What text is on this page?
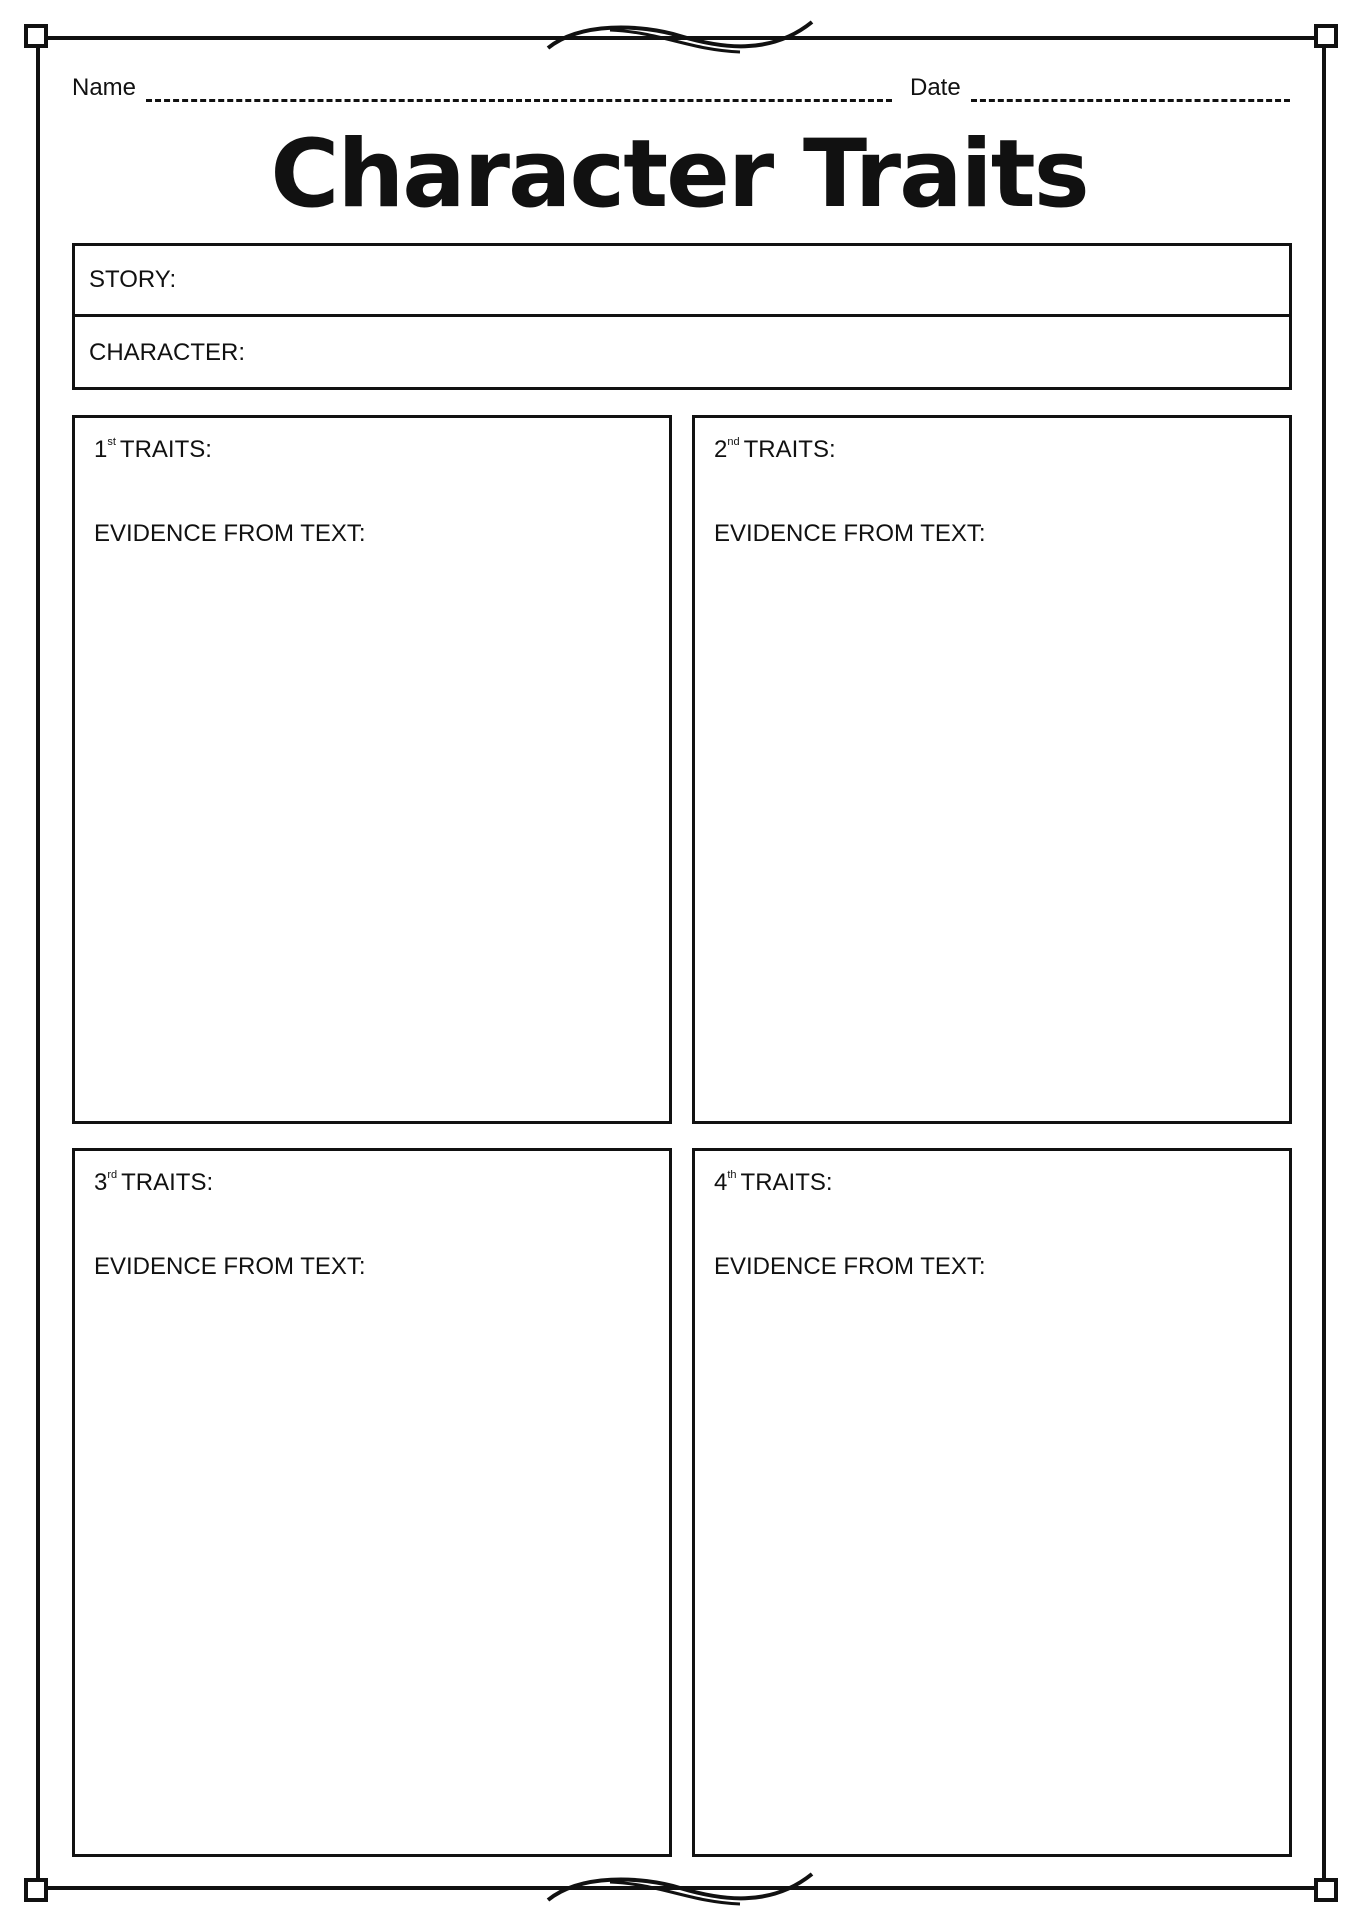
Name	Date
Character Traits
STORY:
CHARACTER:
1st TRAITS:
EVIDENCE FROM TEXT:
2nd TRAITS:
EVIDENCE FROM TEXT:
3rd TRAITS:
EVIDENCE FROM TEXT:
4th TRAITS:
EVIDENCE FROM TEXT:
